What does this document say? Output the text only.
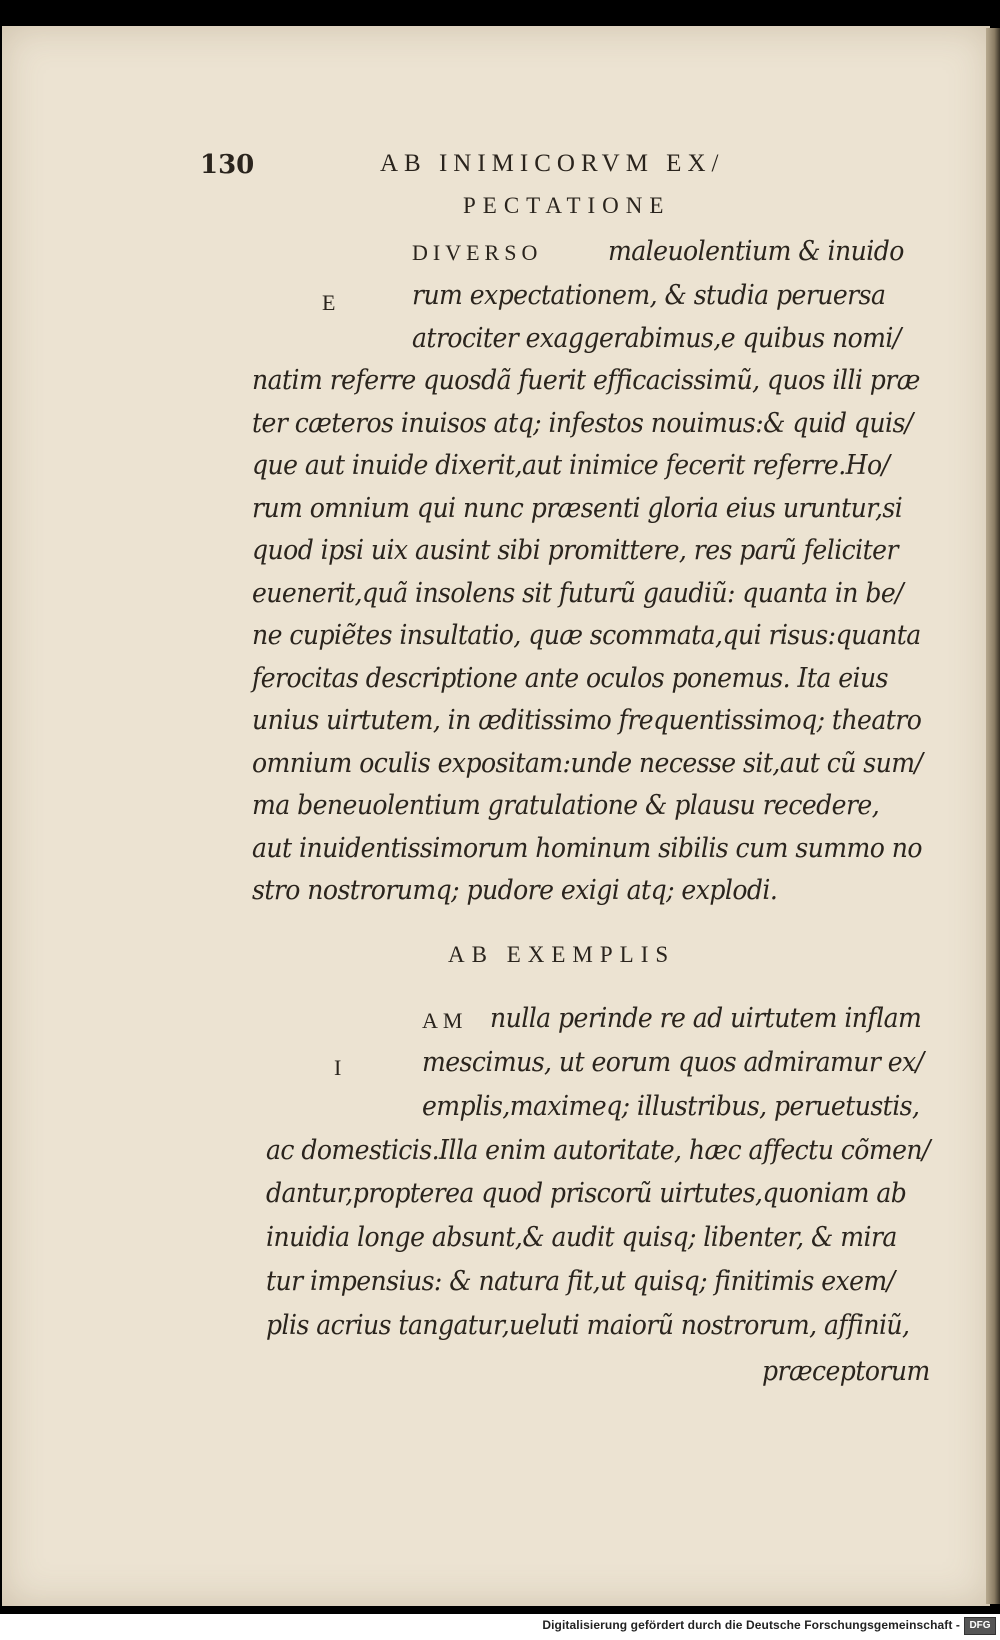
130	AB INIMICORVM EX/
PECTATIONE
DIVERSO
E
maleuolentium & inuido
rum expectationem, & studia peruersa
atrociter exaggerabimus,e quibus nomi/
natim referre quosdã fuerit efficacissimũ, quos illi præ
ter cæteros inuisos atq; infestos nouimus:& quid quis/
que aut inuide dixerit,aut inimice fecerit referre.Ho/
rum omnium qui nunc præsenti gloria eius uruntur,si
quod ipsi uix ausint sibi promittere, res parũ feliciter
euenerit,quã insolens sit futurũ gaudiũ: quanta in be/
ne cupiẽtes insultatio, quæ scommata,qui risus:quanta
ferocitas descriptione ante oculos ponemus. Ita eius
unius uirtutem, in æditissimo frequentissimoq; theatro
omnium oculis expositam:unde necesse sit,aut cũ sum/
ma beneuolentium gratulatione & plausu recedere,
aut inuidentissimorum hominum sibilis cum summo no
stro nostrorumq; pudore exigi atq; explodi.
AB EXEMPLIS
AM
I
nulla perinde re ad uirtutem inflam
mescimus, ut eorum quos admiramur ex/
emplis,maximeq; illustribus, peruetustis,
ac domesticis.Illa enim autoritate, hæc affectu cõmen/
dantur,propterea quod priscorũ uirtutes,quoniam ab
inuidia longe absunt,& audit quisq; libenter, & mira
tur impensius: & natura fit,ut quisq; finitimis exem/
plis acrius tangatur,ueluti maiorũ nostrorum, affiniũ,
præceptorum
Digitalisierung gefördert durch die Deutsche Forschungsgemeinschaft - DFG
